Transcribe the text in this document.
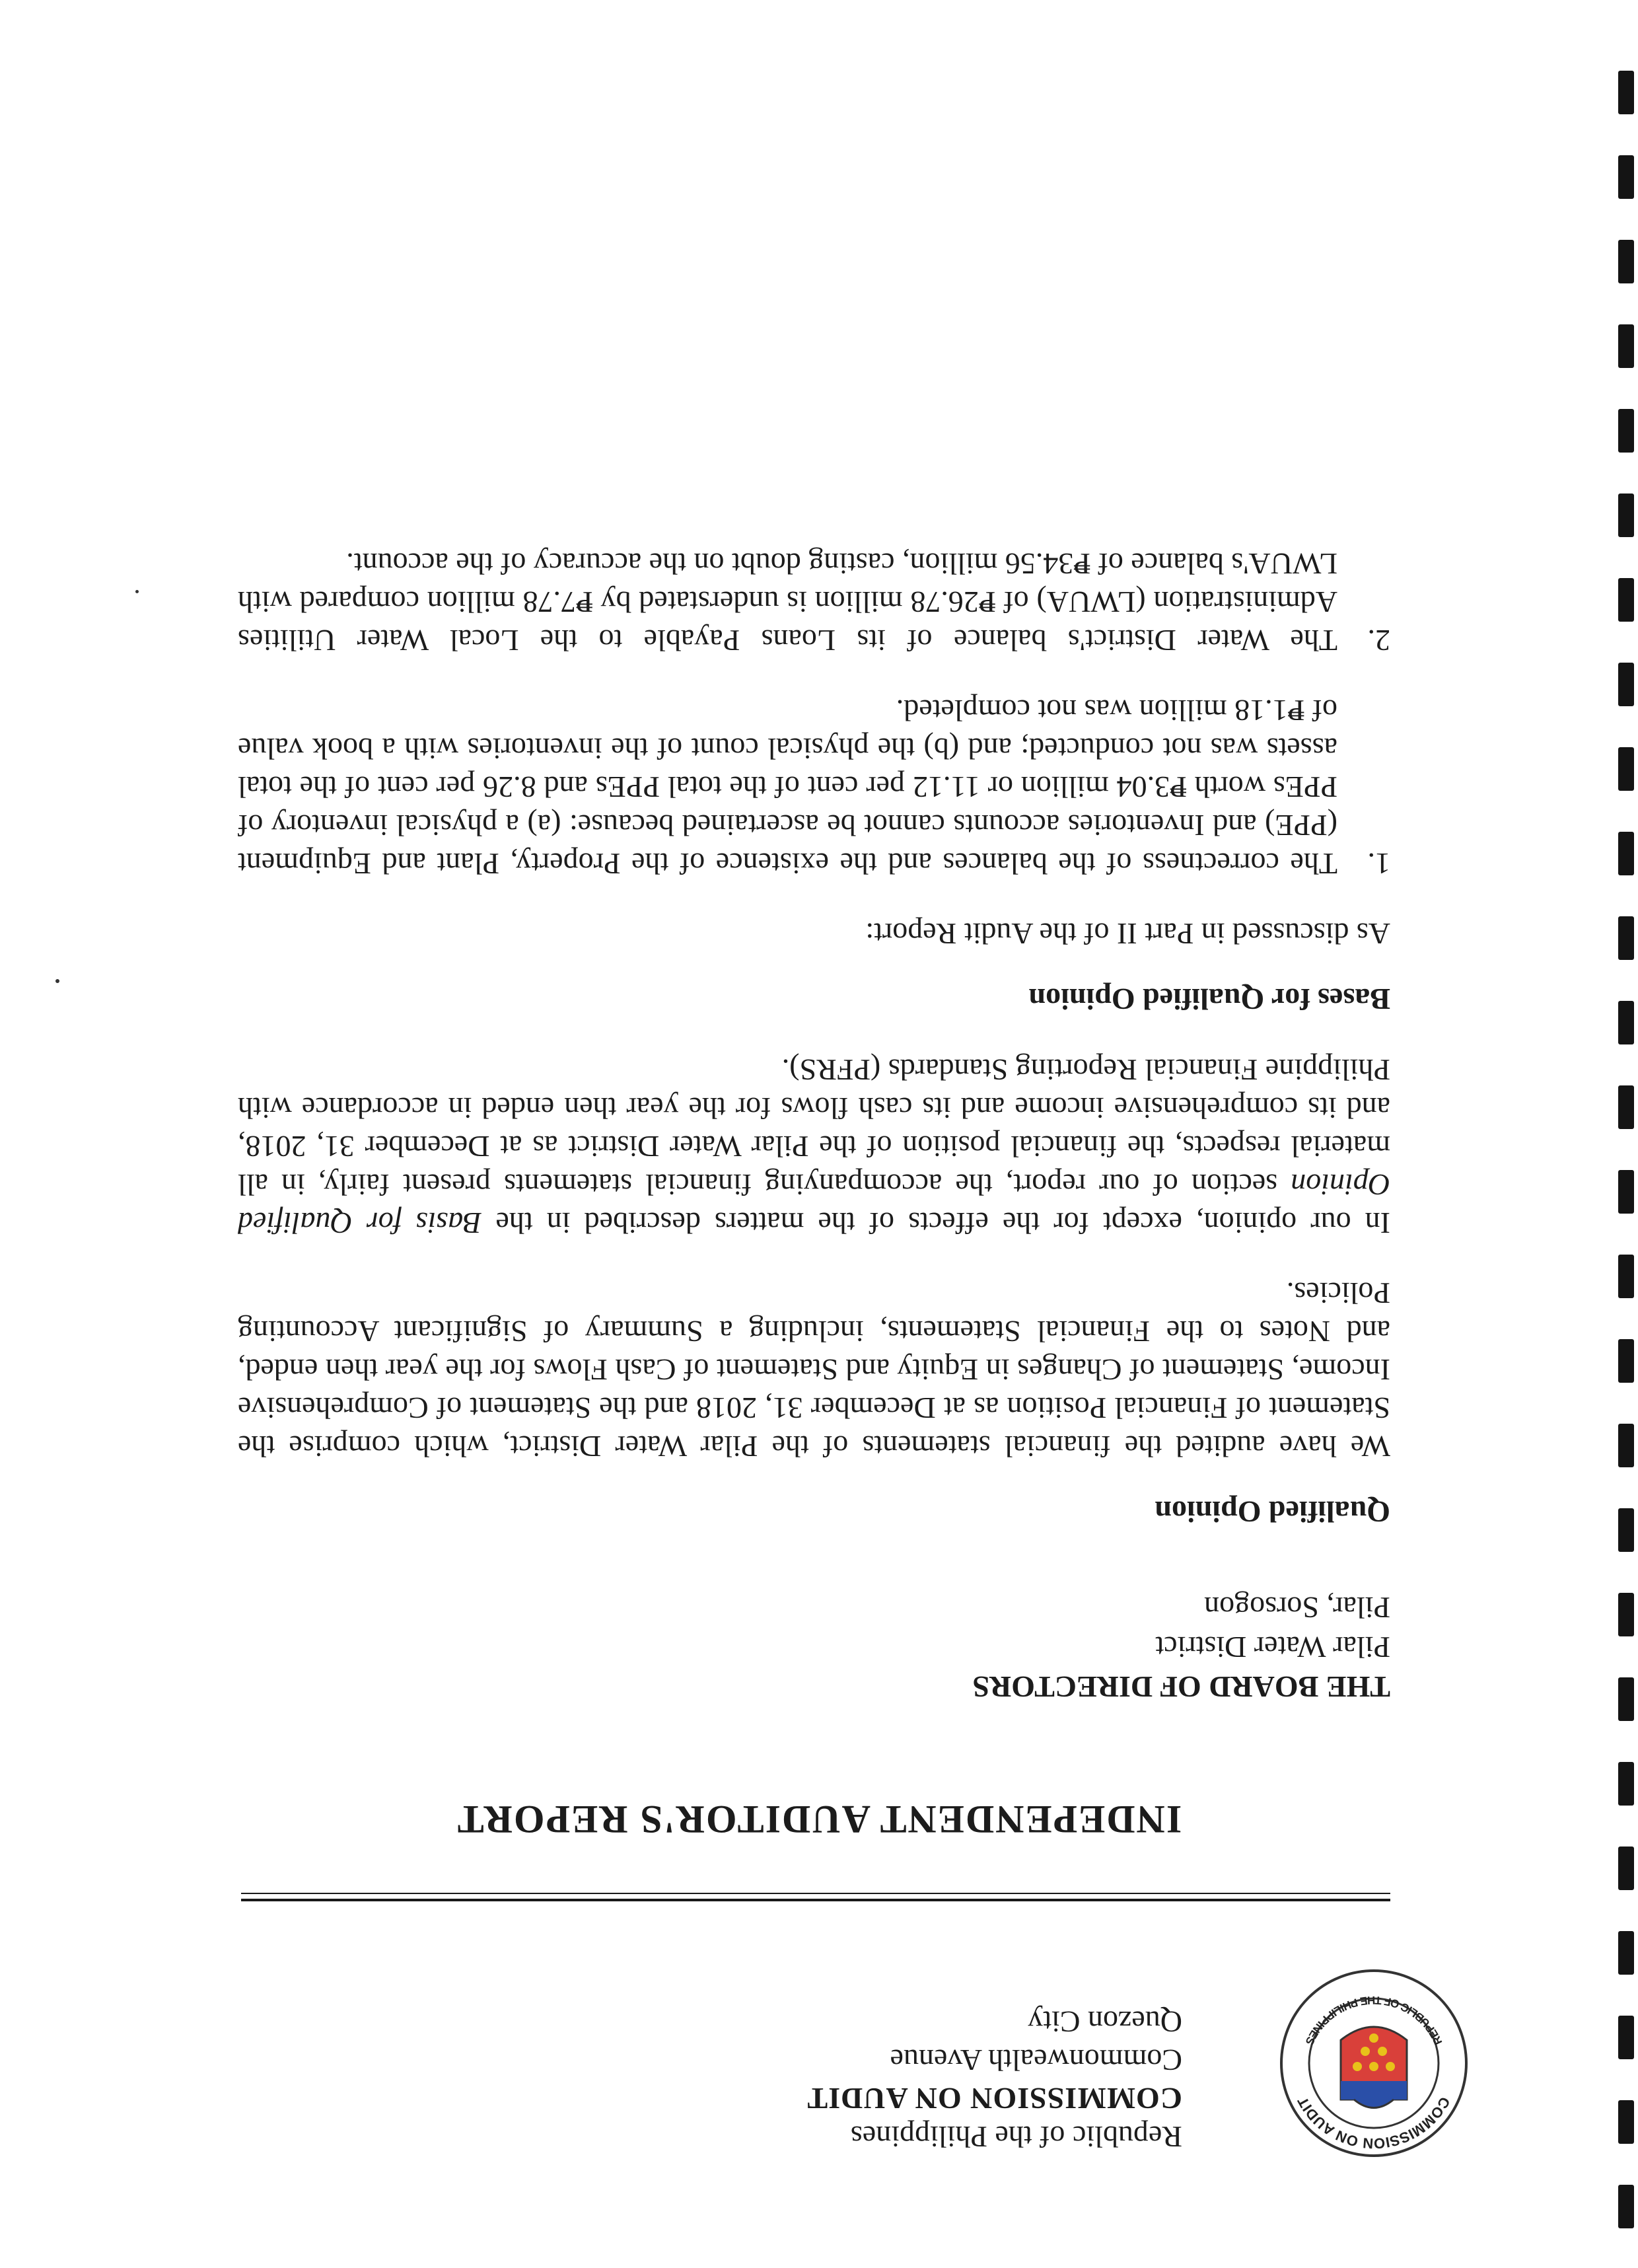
COMMISSION ON AUDIT
REPUBLIC OF THE PHILIPPINES
Republic of the Philippines
COMMISSION ON AUDIT
Commonwealth Avenue
Quezon City
INDEPENDENT AUDITOR'S REPORT
THE BOARD OF DIRECTORS
Pilar Water District
Pilar, Sorsogon
Qualified Opinion

We have audited the financial statements of the Pilar Water District, which comprise the Statement of Financial Position as at December 31, 2018 and the Statement of Comprehensive Income, Statement of Changes in Equity and Statement of Cash Flows for the year then ended, and Notes to the Financial Statements, including a Summary of Significant Accounting Policies.

In our opinion, except for the effects of the matters described in the Basis for Qualified Opinion section of our report, the accompanying financial statements present fairly, in all material respects, the financial position of the Pilar Water District as at December 31, 2018, and its comprehensive income and its cash flows for the year then ended in accordance with Philippine Financial Reporting Standards (PFRS).

Bases for Qualified Opinion

As discussed in Part II of the Audit Report:

1.
The correctness of the balances and the existence of the Property, Plant and Equipment (PPE) and Inventories accounts cannot be ascertained because: (a) a physical inventory of PPEs worth ₱3.04 million or 11.12 per cent of the total PPEs and 8.26 per cent of the total assets was not conducted; and (b) the physical count of the inventories with a book value of ₱1.18 million was not completed.
2.
The Water District's balance of its Loans Payable to the Local Water Utilities Administration (LWUA) of ₱26.78 million is understated by ₱7.78 million compared with LWUA's balance of ₱34.56 million, casting doubt on the accuracy of the account.
